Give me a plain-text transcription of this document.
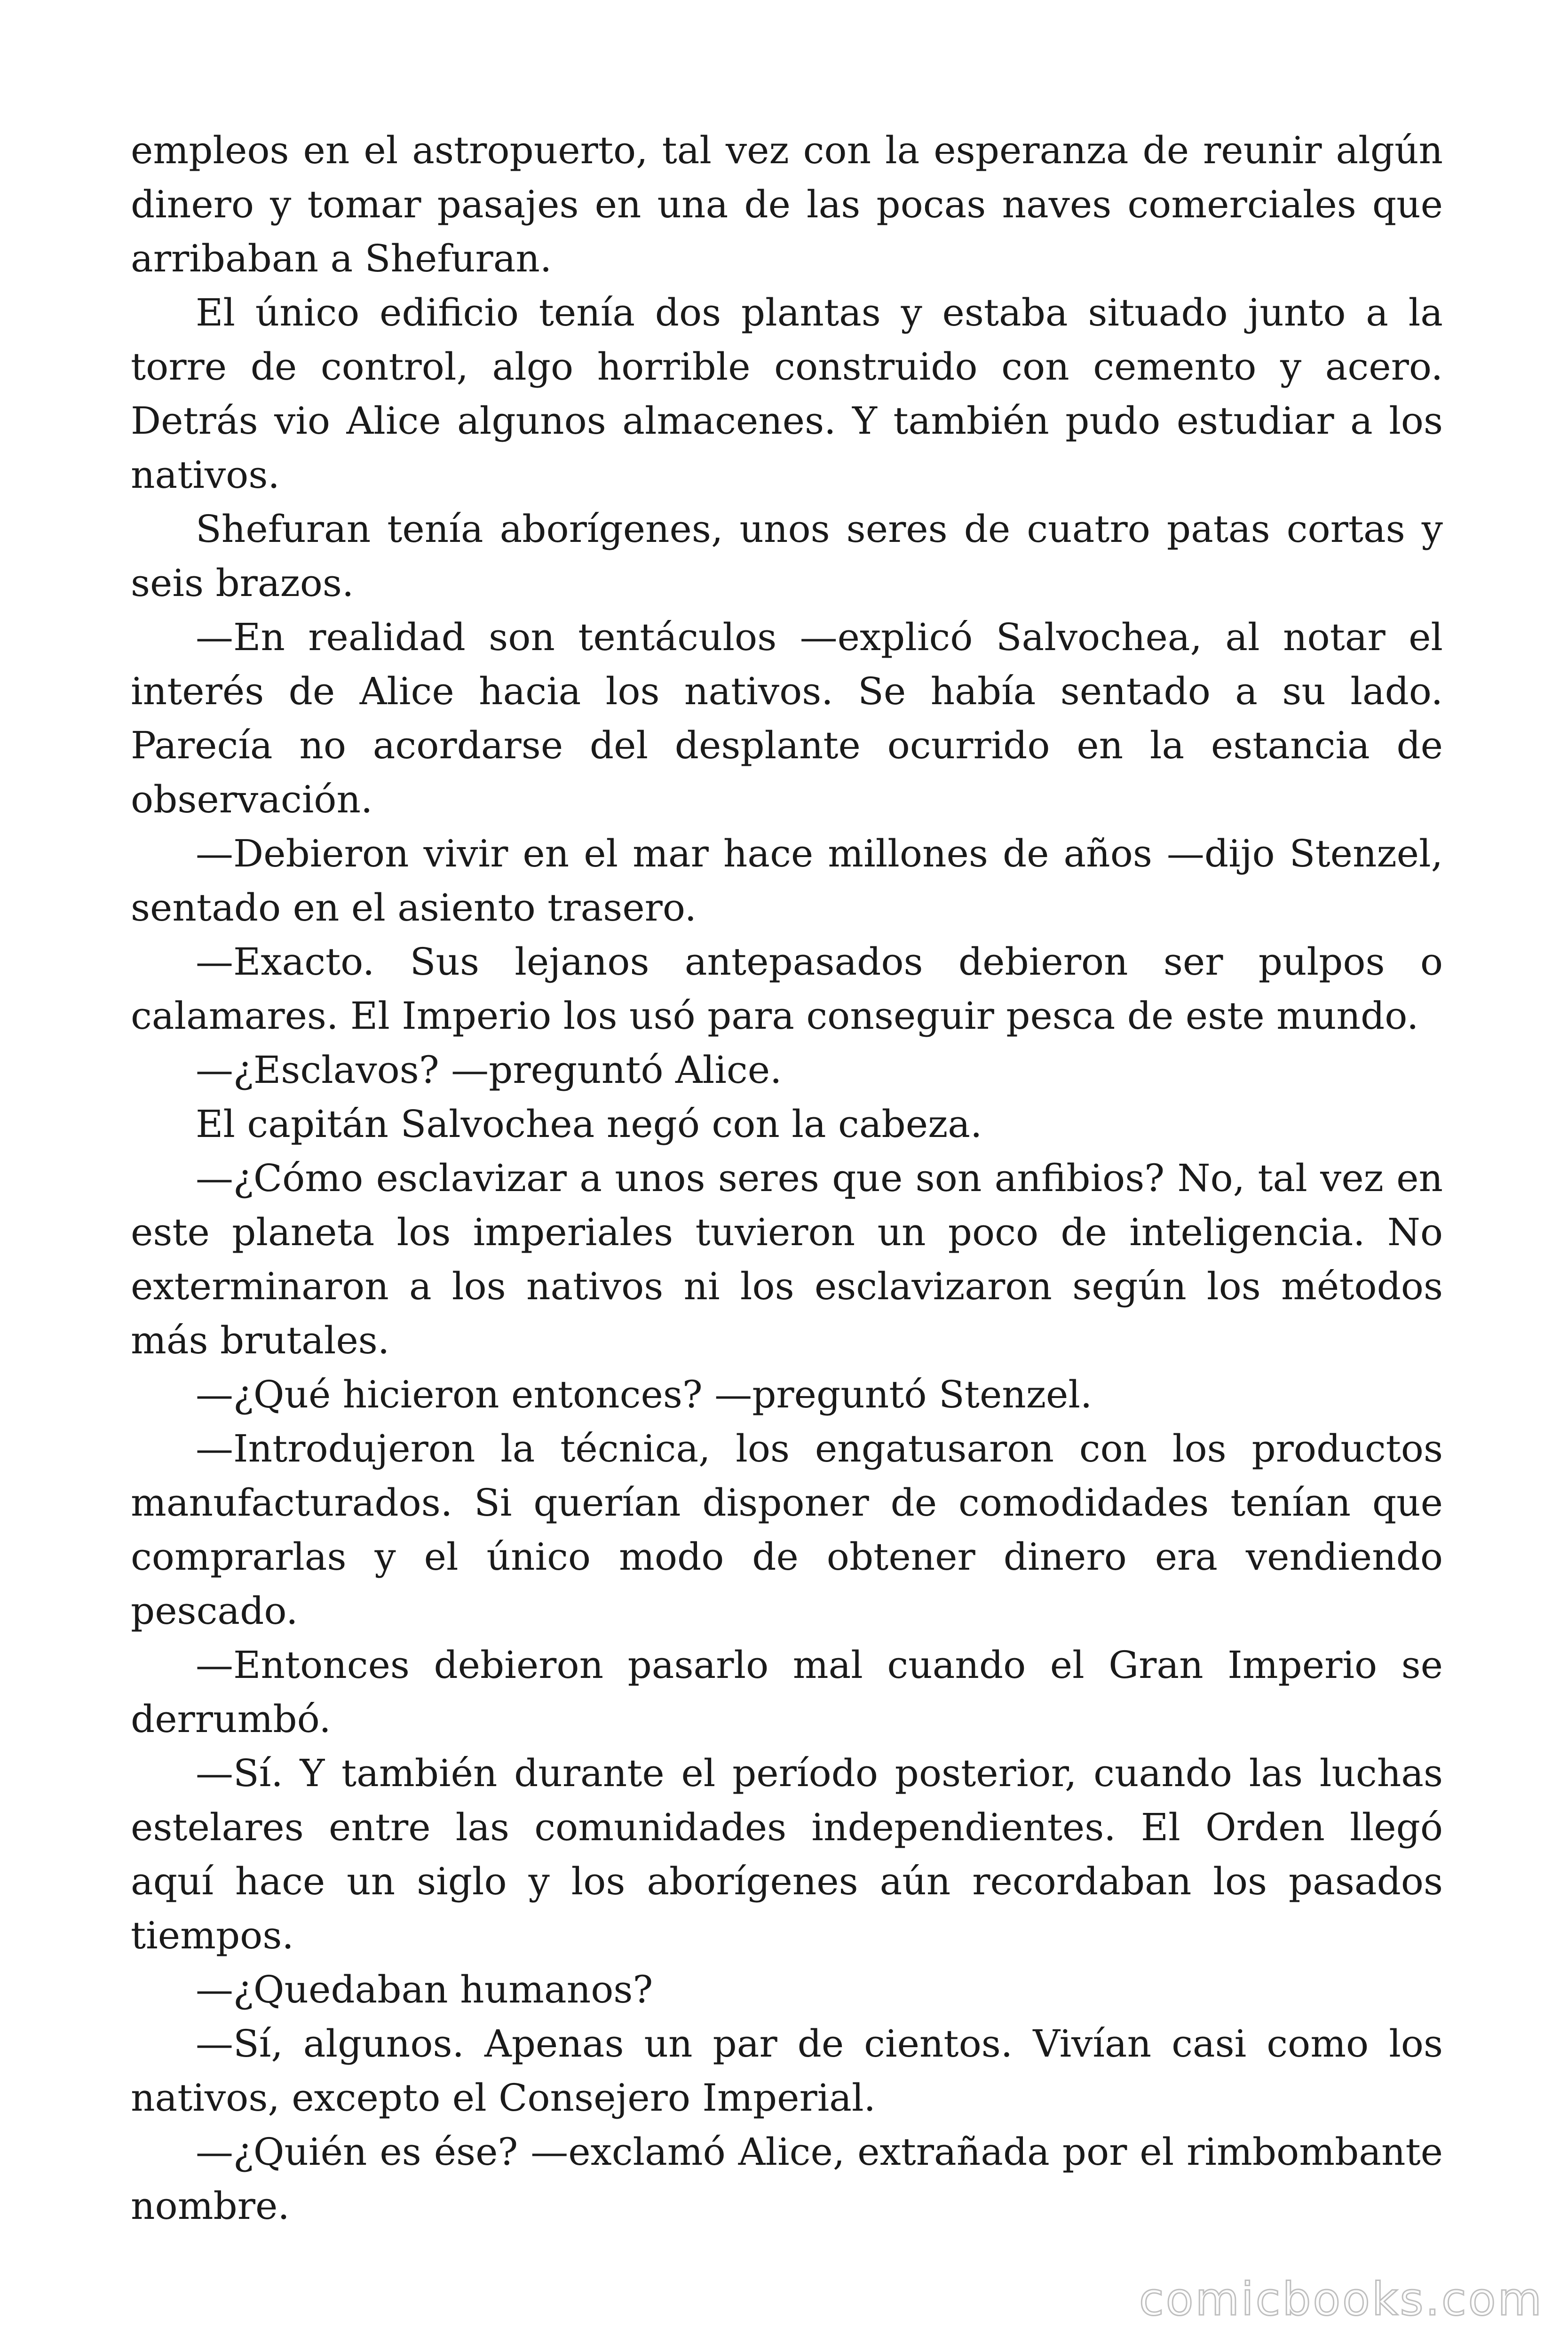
empleos en el astropuerto, tal vez con la esperanza de reunir algún dinero y tomar pasajes en una de las pocas naves comerciales que arribaban a Shefuran.

El único edificio tenía dos plantas y estaba situado junto a la torre de control, algo horrible construido con cemento y acero. Detrás vio Alice algunos almacenes. Y también pudo estudiar a los nativos.

Shefuran tenía aborígenes, unos seres de cuatro patas cortas y seis brazos.

—En realidad son tentáculos —explicó Salvochea, al notar el interés de Alice hacia los nativos. Se había sentado a su lado. Parecía no acordarse del desplante ocurrido en la estancia de observación.

—Debieron vivir en el mar hace millones de años —dijo Stenzel, sentado en el asiento trasero.

—Exacto. Sus lejanos antepasados debieron ser pulpos o calamares. El Imperio los usó para conseguir pesca de este mundo.

—¿Esclavos? —preguntó Alice.

El capitán Salvochea negó con la cabeza.

—¿Cómo esclavizar a unos seres que son anfibios? No, tal vez en este planeta los imperiales tuvieron un poco de inteligencia. No exterminaron a los nativos ni los esclavizaron según los métodos más brutales.

—¿Qué hicieron entonces? —preguntó Stenzel.

—Introdujeron la técnica, los engatusaron con los productos manufacturados. Si querían disponer de comodidades tenían que comprarlas y el único modo de obtener dinero era vendiendo pescado.

—Entonces debieron pasarlo mal cuando el Gran Imperio se derrumbó.

—Sí. Y también durante el período posterior, cuando las luchas estelares entre las comunidades independientes. El Orden llegó aquí hace un siglo y los aborígenes aún recordaban los pasados tiempos.

—¿Quedaban humanos?

—Sí, algunos. Apenas un par de cientos. Vivían casi como los nativos, excepto el Consejero Imperial.

—¿Quién es ése? —exclamó Alice, extrañada por el rimbombante nombre.

comicbooks.com
